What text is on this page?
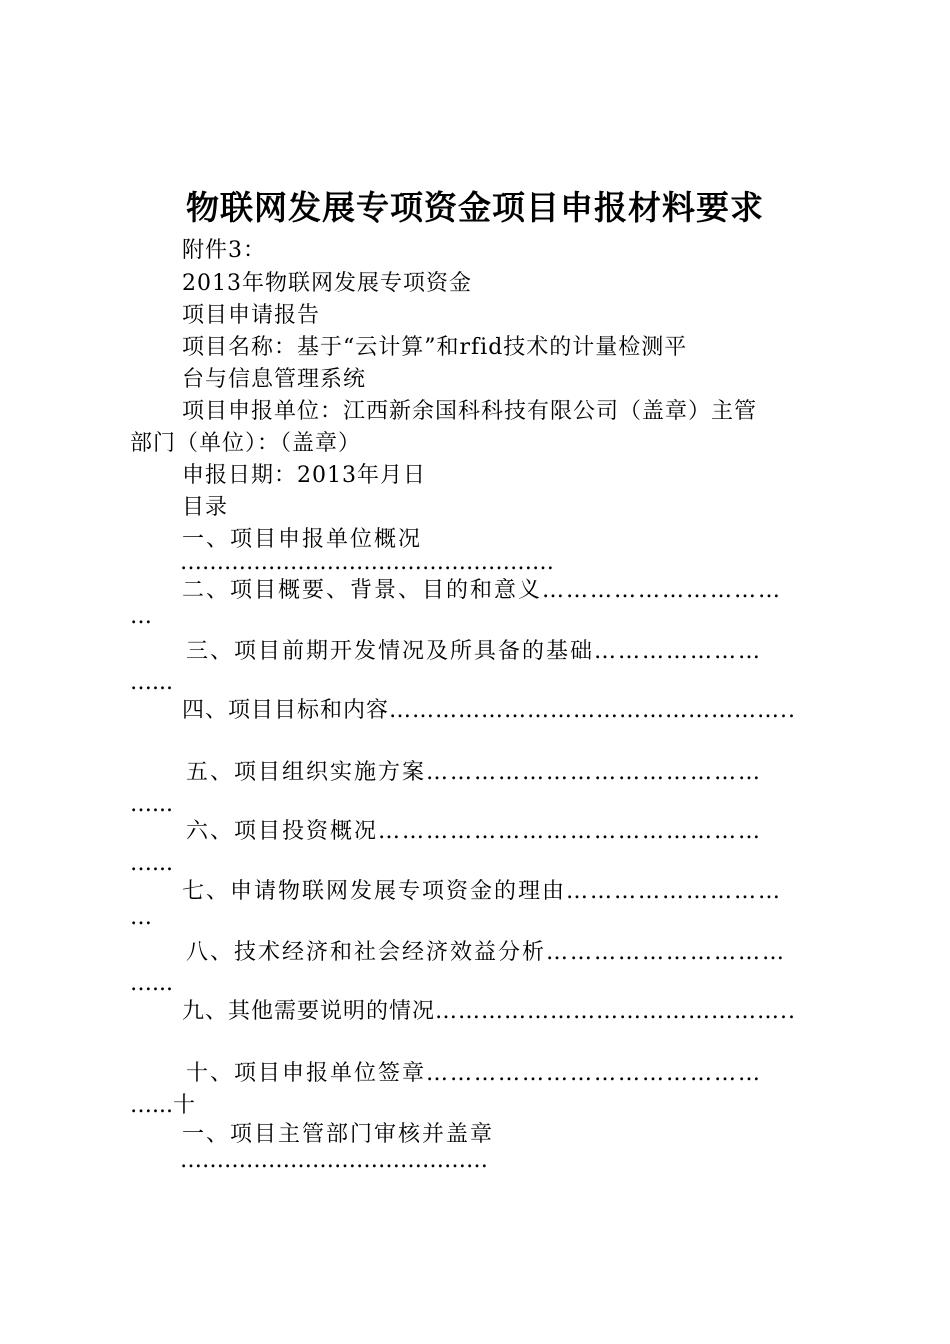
物联网发展专项资金项目申报材料要求
附件3：
2013年物联网发展专项资金
项目申请报告
项目名称：基于“云计算”和rfid技术的计量检测平
台与信息管理系统
项目申报单位：江西新余国科科技有限公司（盖章）主管
部门（单位）：（盖章）
申报日期：2013年月日
目录
一、项目申报单位概况
……………………………………………
二、项目概要、背景、目的和意义…………………………
…
三、项目前期开发情况及所具备的基础…………………
…...
四、项目目标和内容……………………………………………..
五、项目组织实施方案……………………………………
…...
六、项目投资概况…………………………………………
…...
七、申请物联网发展专项资金的理由………………………
…
八、技术经济和社会经济效益分析…………………………
…...
九、其他需要说明的情况………………………………………..
十、项目申报单位签章……………………………………
…...十
一、项目主管部门审核并盖章
……………………………………
